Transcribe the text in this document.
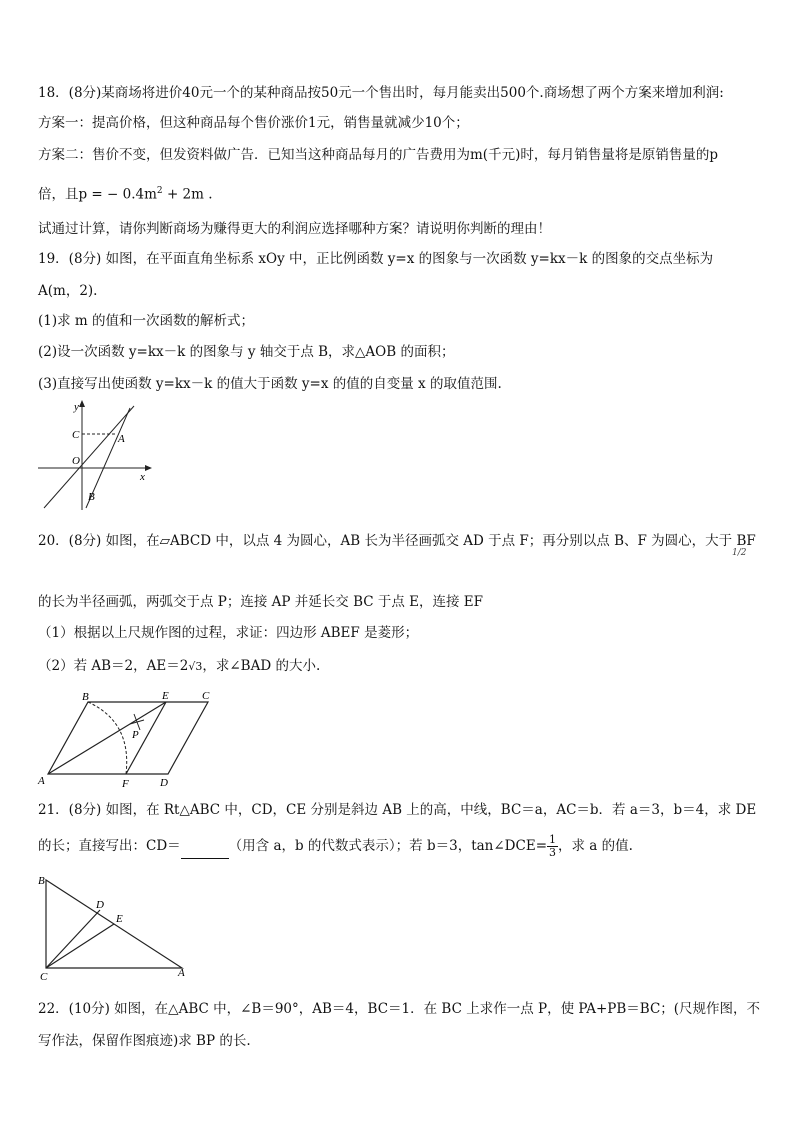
18．(8分)某商场将进价40元一个的某种商品按50元一个售出时，每月能卖出500个.商场想了两个方案来增加利润:
方案一：提高价格，但这种商品每个售价涨价1元，销售量就减少10个；
方案二：售价不变，但发资料做广告．已知当这种商品每月的广告费用为m(千元)时，每月销售量将是原销售量的p
倍，且p = − $0.4m^2 + 2m$ .
试通过计算，请你判断商场为赚得更大的利润应选择哪种方案？请说明你判断的理由！
19．(8分) 如图，在平面直角坐标系 xOy 中，正比例函数 y=x 的图象与一次函数 y=kx－k 的图象的交点坐标为
A(m，2).
(1)求 m 的值和一次函数的解析式；
(2)设一次函数 y=kx－k 的图象与 y 轴交于点 B，求△AOB 的面积；
(3)直接写出使函数 y=kx－k 的值大于函数 y=x 的值的自变量 x 的取值范围.
y
x
C	A
O
B
20．(8分) 如图，在▱ABCD 中，以点 4 为圆心，AB 长为半径画弧交 AD 于点 F；再分别以点 B、F 为圆心，大于 BF
1/2
的长为半径画弧，两弧交于点 P；连接 AP 并延长交 BC 于点 E，连接 EF
（1）根据以上尺规作图的过程，求证：四边形 ABEF 是菱形；
（2）若 AB＝2，AE＝2√3，求∠BAD 的大小.
B	E	C
P
A	F	D
21．(8分) 如图，在 Rt△ABC 中，CD，CE 分别是斜边 AB 上的高，中线，BC＝a，AC＝b．若 a＝3，b＝4，求 DE
的长；直接写出：CD＝	（用含 a，b 的代数式表示）；若 b＝3，tan∠DCE= $\frac{1}{3}$ ，求 a 的值.
B
D
E
C	A
22．(10分) 如图，在△ABC 中，∠B＝90°，AB＝4，BC＝1．在 BC 上求作一点 P，使 PA+PB＝BC；(尺规作图，不
写作法，保留作图痕迹)求 BP 的长.
